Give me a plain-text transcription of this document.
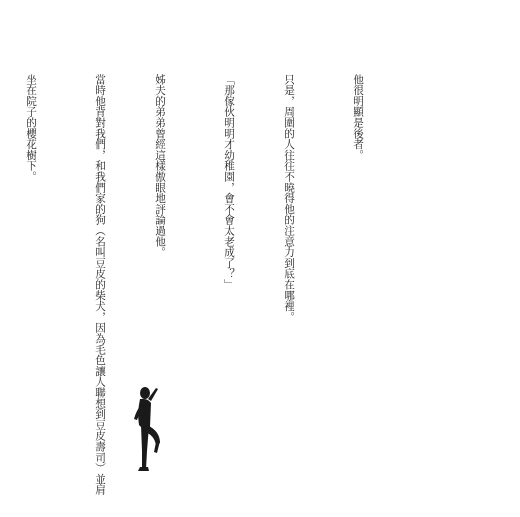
他很明顯是後者。

只是，周圍的人往往不曉得他的注意力到底在哪裡。

「那傢伙明明才幼稚園，會不會太老成了？」

姊夫的弟弟曾經這樣傲眼地評論過他。

當時他背對我們，和我們家的狗（名叫豆皮的柴犬，因為毛色讓人聯想到豆皮壽司）並肩

坐在院子的櫻花樹下。
